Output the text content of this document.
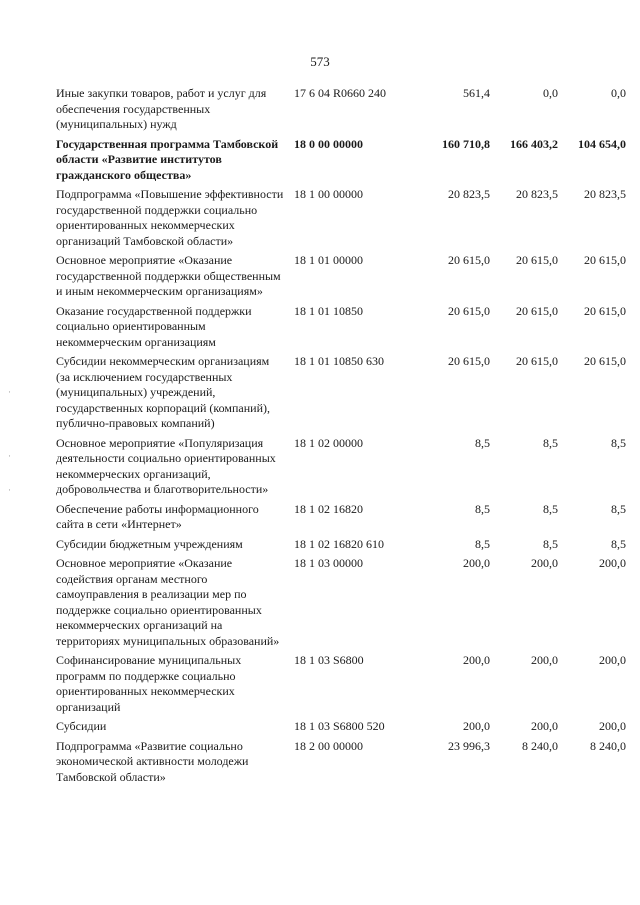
573
·
·
·
Иные закупки товаров, работ и услуг для обеспечения государственных (муниципальных) нужд	17 6 04 R0660 240	561,4	0,0	0,0
Государственная программа Тамбовской области «Развитие институтов гражданского общества»	18 0 00 00000	160 710,8	166 403,2	104 654,0
Подпрограмма «Повышение эффективности государственной поддержки социально ориентированных некоммерческих организаций Тамбовской области»	18 1 00 00000	20 823,5	20 823,5	20 823,5
Основное мероприятие «Оказание государственной поддержки общественным и иным некоммерческим организациям»	18 1 01 00000	20 615,0	20 615,0	20 615,0
Оказание государственной поддержки социально ориентированным некоммерческим организациям	18 1 01 10850	20 615,0	20 615,0	20 615,0
Субсидии некоммерческим организациям (за исключением государственных (муниципальных) учреждений, государственных корпораций (компаний), публично-правовых компаний)	18 1 01 10850 630	20 615,0	20 615,0	20 615,0
Основное мероприятие «Популяризация деятельности социально ориентированных некоммерческих организаций, добровольчества и благотворительности»	18 1 02 00000	8,5	8,5	8,5
Обеспечение работы информационного сайта в сети «Интернет»	18 1 02 16820	8,5	8,5	8,5
Субсидии бюджетным учреждениям	18 1 02 16820 610	8,5	8,5	8,5
Основное мероприятие «Оказание содействия органам местного самоуправления в реализации мер по поддержке социально ориентированных некоммерческих организаций на территориях муниципальных образований»	18 1 03 00000	200,0	200,0	200,0
Софинансирование муниципальных программ по поддержке социально ориентированных некоммерческих организаций	18 1 03 S6800	200,0	200,0	200,0
Субсидии	18 1 03 S6800 520	200,0	200,0	200,0
Подпрограмма «Развитие социально экономической активности молодежи Тамбовской области»	18 2 00 00000	23 996,3	8 240,0	8 240,0
